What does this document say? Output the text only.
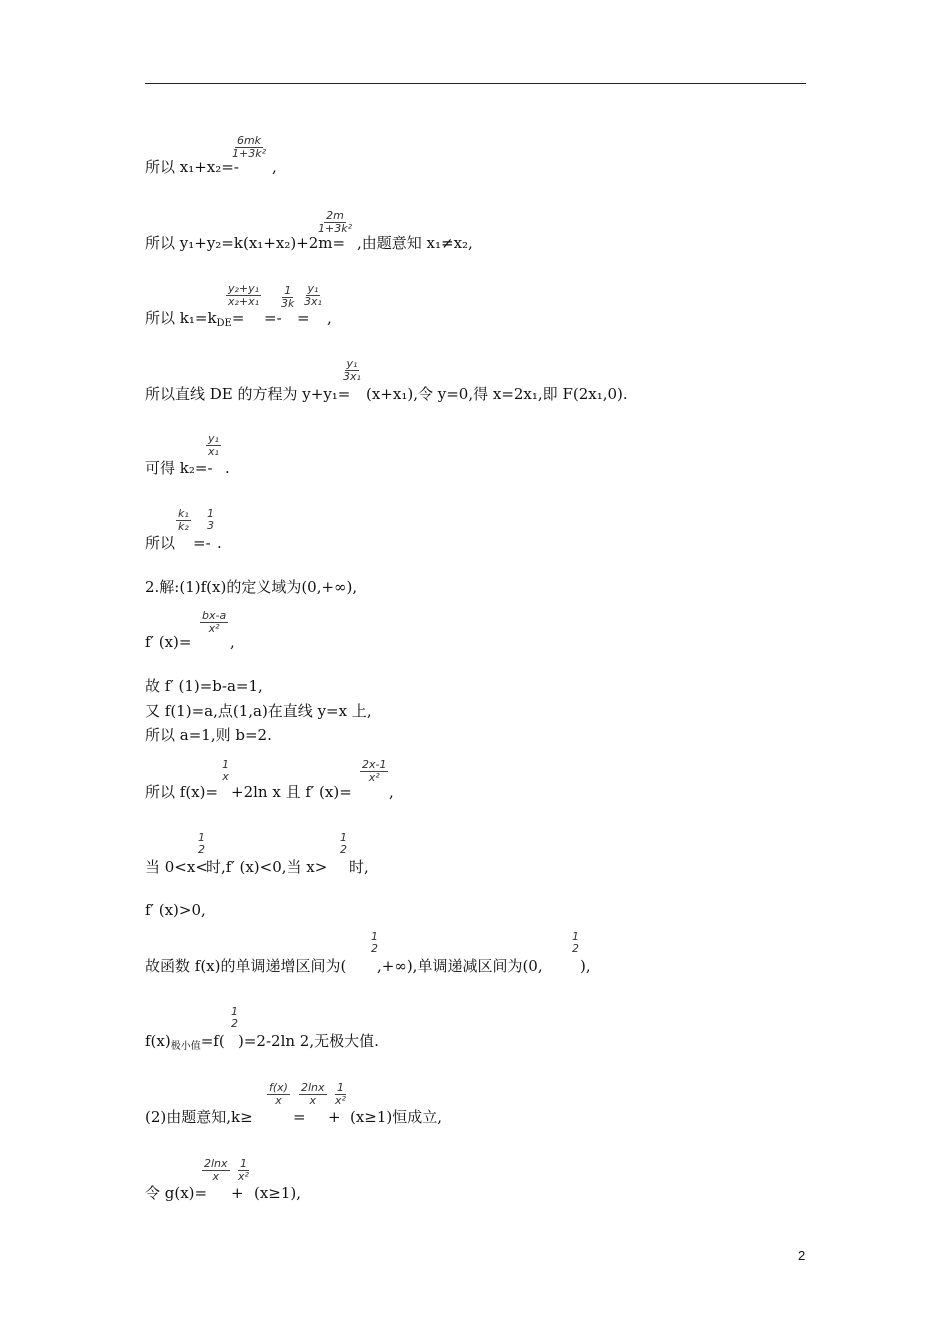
所以 x₁+x₂=-
6mk
1+3k²
,
所以 y₁+y₂=k(x₁+x₂)+2m=
2m
1+3k²
,由题意知 x₁≠x₂,
所以 $k_1=k_{DE}=$
y₂+y₁
x₂+x₁
=-
1
3k
=
y₁
3x₁
,
所以直线 DE 的方程为 y+y₁=
y₁
3x₁
(x+x₁),令 y=0,得 x=2x₁,即 F(2x₁,0).
可得 k₂=-
y₁
x₁
.
所以
k₁
k₂
=-
1
3
.
2.解:(1)f(x)的定义域为(0,+∞),
f′ (x)=
bx-a
x²
,
故 f′ (1)=b-a=1,
又 f(1)=a,点(1,a)在直线 y=x 上,
所以 a=1,则 b=2.
所以 f(x)=
1
x
+2ln x 且 f′ (x)=
2x-1
x²
,
当 0<x<
1
2
时,f′ (x)<0,当 x>
1
2
时,
f′ (x)>0,
故函数 f(x)的单调递增区间为(
1
2
,+∞),单调递减区间为(0,
1
2
),
$f(x)_{极小值}=f$(
1
2
)=2-2ln 2,无极大值.
(2)由题意知,k≥
f(x)
x
=
2lnx
x
+
1
x²
(x≥1)恒成立,
令 g(x)=
2lnx
x
+
1
x²
(x≥1),
2
